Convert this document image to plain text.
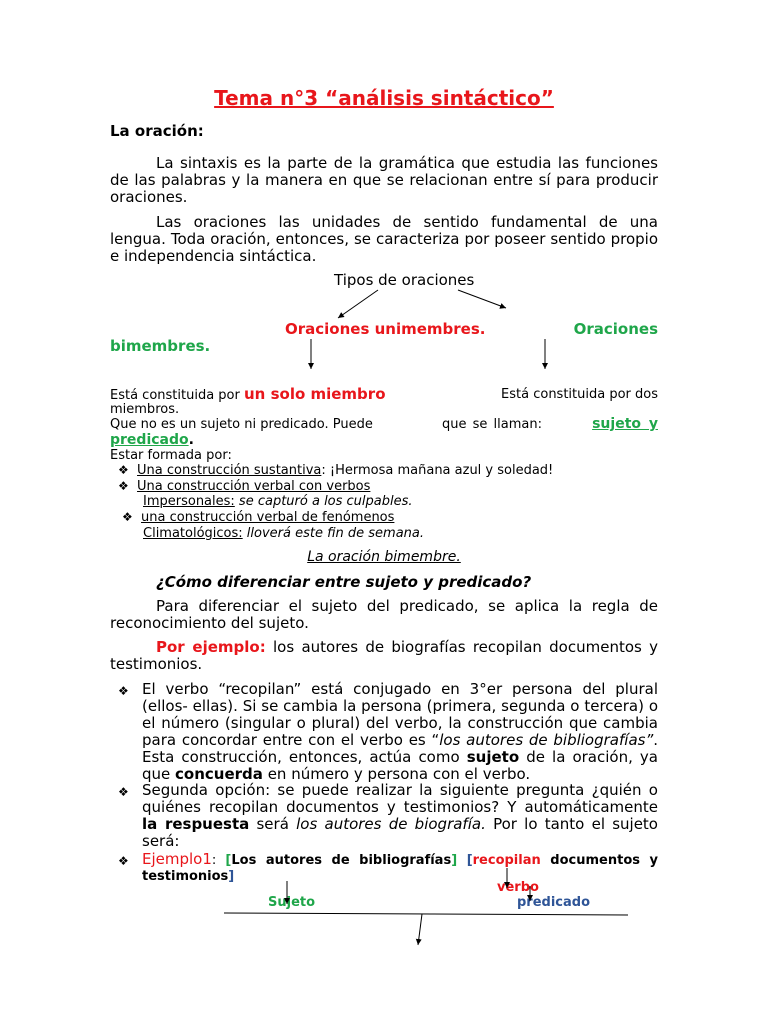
Tema n°3 “análisis sintáctico”
La oración:
La sintaxis es la parte de la gramática que estudia las funciones de las palabras y la manera en que se relacionan entre sí para producir oraciones.
Las oraciones las unidades de sentido fundamental de una lengua. Toda oración, entonces, se caracteriza por poseer sentido propio e independencia sintáctica.
Tipos de oraciones
Oraciones unimembres.	Oraciones
bimembres.
Está constituida por un solo miembro
miembros.
Que no es un sujeto ni predicado. Puede
Estar formada por:
Está constituida por dos
que se llaman:	sujeto y
predicado.
❖ Una construcción sustantiva: ¡Hermosa mañana azul y soledad!
❖ Una construcción verbal con verbos
Impersonales: se capturó a los culpables.
❖ una construcción verbal de fenómenos
Climatológicos: lloverá este fin de semana.
La oración bimembre.
¿Cómo diferenciar entre sujeto y predicado?
Para diferenciar el sujeto del predicado, se aplica la regla de reconocimiento del sujeto.
Por ejemplo: los autores de biografías recopilan documentos y testimonios.
❖ El verbo “recopilan” está conjugado en 3°er persona del plural (ellos- ellas). Si se cambia la persona (primera, segunda o tercera) o el número (singular o plural) del verbo, la construcción que cambia para concordar entre con el verbo es “los autores de bibliografías”. Esta construcción, entonces, actúa como sujeto de la oración, ya que concuerda en número y persona con el verbo.
❖ Segunda opción: se puede realizar la siguiente pregunta ¿quién o quiénes recopilan documentos y testimonios? Y automáticamente la respuesta será los autores de biografía. Por lo tanto el sujeto será:
❖ Ejemplo1: [Los autores de bibliografías] [recopilan documentos y testimonios]
verbo
Sujeto	predicado
